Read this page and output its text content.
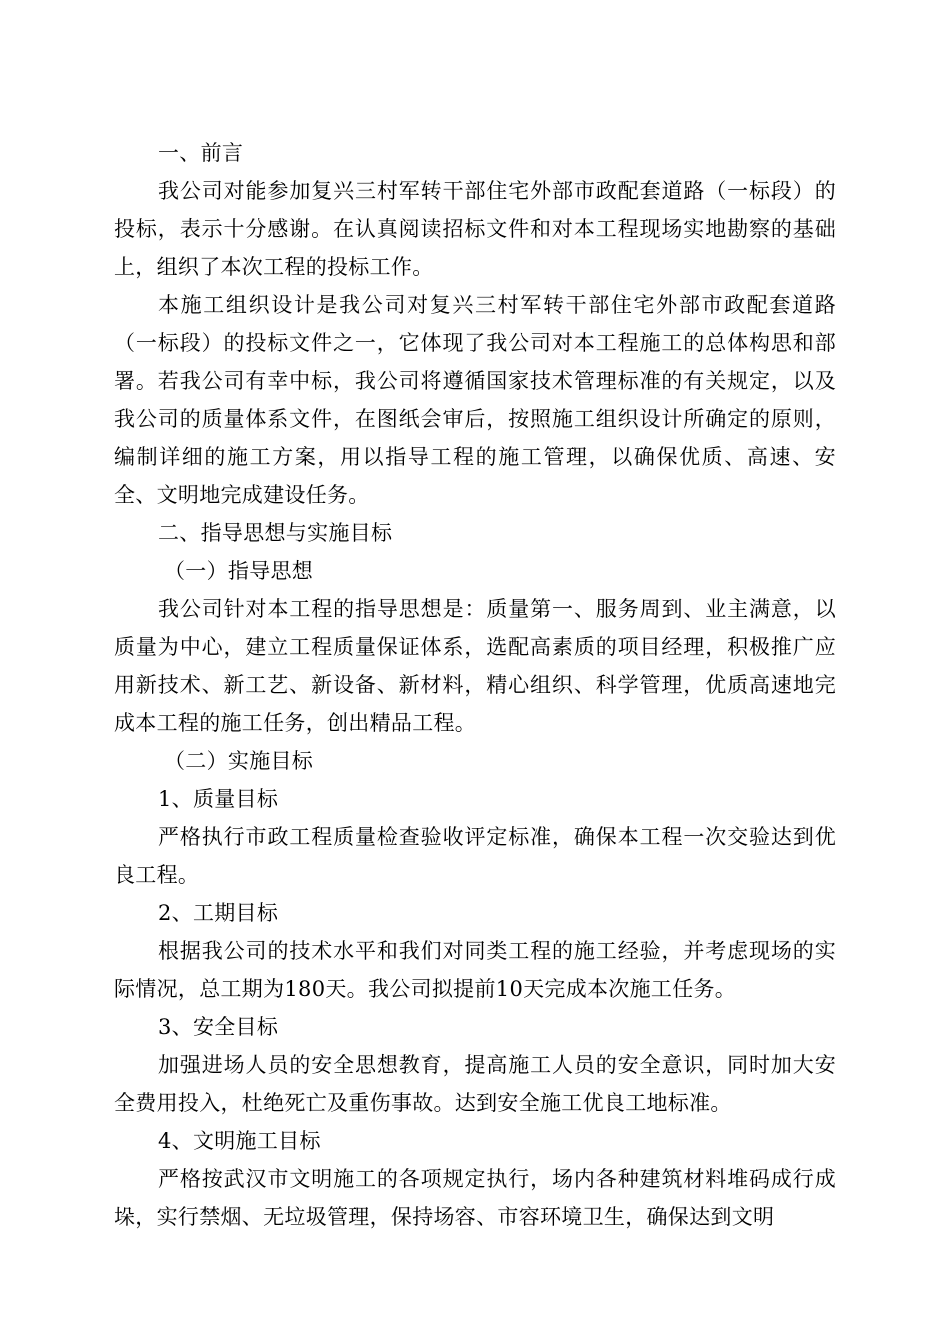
一、前言

我公司对能参加复兴三村军转干部住宅外部市政配套道路（一标段）的投标，表示十分感谢。在认真阅读招标文件和对本工程现场实地勘察的基础上，组织了本次工程的投标工作。

本施工组织设计是我公司对复兴三村军转干部住宅外部市政配套道路（一标段）的投标文件之一，它体现了我公司对本工程施工的总体构思和部署。若我公司有幸中标，我公司将遵循国家技术管理标准的有关规定，以及我公司的质量体系文件，在图纸会审后，按照施工组织设计所确定的原则，编制详细的施工方案，用以指导工程的施工管理，以确保优质、高速、安全、文明地完成建设任务。

二、指导思想与实施目标

（一）指导思想

我公司针对本工程的指导思想是：质量第一、服务周到、业主满意，以质量为中心，建立工程质量保证体系，选配高素质的项目经理，积极推广应用新技术、新工艺、新设备、新材料，精心组织、科学管理，优质高速地完成本工程的施工任务，创出精品工程。

（二）实施目标

1、质量目标

严格执行市政工程质量检查验收评定标准，确保本工程一次交验达到优良工程。

2、工期目标

根据我公司的技术水平和我们对同类工程的施工经验，并考虑现场的实际情况，总工期为180天。我公司拟提前10天完成本次施工任务。

3、安全目标

加强进场人员的安全思想教育，提高施工人员的安全意识，同时加大安全费用投入，杜绝死亡及重伤事故。达到安全施工优良工地标准。

4、文明施工目标

严格按武汉市文明施工的各项规定执行，场内各种建筑材料堆码成行成垛，实行禁烟、无垃圾管理，保持场容、市容环境卫生，确保达到文明
